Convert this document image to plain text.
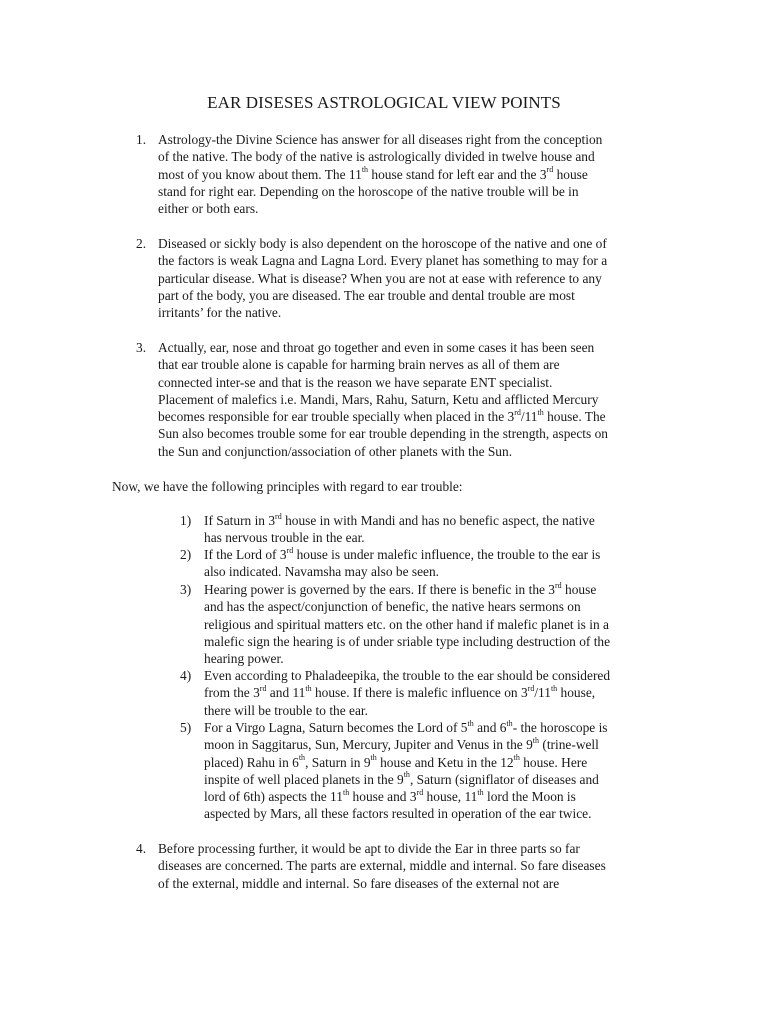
EAR DISESES ASTROLOGICAL VIEW POINTS
1. Astrology-the Divine Science has answer for all diseases right from the conception
of the native. The body of the native is astrologically divided in twelve house and
most of you know about them. The 11th house stand for left ear and the 3rd house
stand for right ear. Depending on the horoscope of the native trouble will be in
either or both ears.
2. Diseased or sickly body is also dependent on the horoscope of the native and one of
the factors is weak Lagna and Lagna Lord. Every planet has something to may for a
particular disease. What is disease? When you are not at ease with reference to any
part of the body, you are diseased. The ear trouble and dental trouble are most
irritants’ for the native.
3. Actually, ear, nose and throat go together and even in some cases it has been seen
that ear trouble alone is capable for harming brain nerves as all of them are
connected inter-se and that is the reason we have separate ENT specialist.
Placement of malefics i.e. Mandi, Mars, Rahu, Saturn, Ketu and afflicted Mercury
becomes responsible for ear trouble specially when placed in the 3rd/11th house. The
Sun also becomes trouble some for ear trouble depending in the strength, aspects on
the Sun and conjunction/association of other planets with the Sun.
Now, we have the following principles with regard to ear trouble:
1) If Saturn in 3rd house in with Mandi and has no benefic aspect, the native
has nervous trouble in the ear.
2) If the Lord of 3rd house is under malefic influence, the trouble to the ear is
also indicated. Navamsha may also be seen.
3) Hearing power is governed by the ears. If there is benefic in the 3rd house
and has the aspect/conjunction of benefic, the native hears sermons on
religious and spiritual matters etc. on the other hand if malefic planet is in a
malefic sign the hearing is of under sriable type including destruction of the
hearing power.
4) Even according to Phaladeepika, the trouble to the ear should be considered
from the 3rd and 11th house. If there is malefic influence on 3rd/11th house,
there will be trouble to the ear.
5) For a Virgo Lagna, Saturn becomes the Lord of 5th and 6th- the horoscope is
moon in Saggitarus, Sun, Mercury, Jupiter and Venus in the 9th (trine-well
placed) Rahu in 6th, Saturn in 9th house and Ketu in the 12th house. Here
inspite of well placed planets in the 9th, Saturn (signiflator of diseases and
lord of 6th) aspects the 11th house and 3rd house, 11th lord the Moon is
aspected by Mars, all these factors resulted in operation of the ear twice.
4. Before processing further, it would be apt to divide the Ear in three parts so far
diseases are concerned. The parts are external, middle and internal. So fare diseases
of the external, middle and internal. So fare diseases of the external not are
